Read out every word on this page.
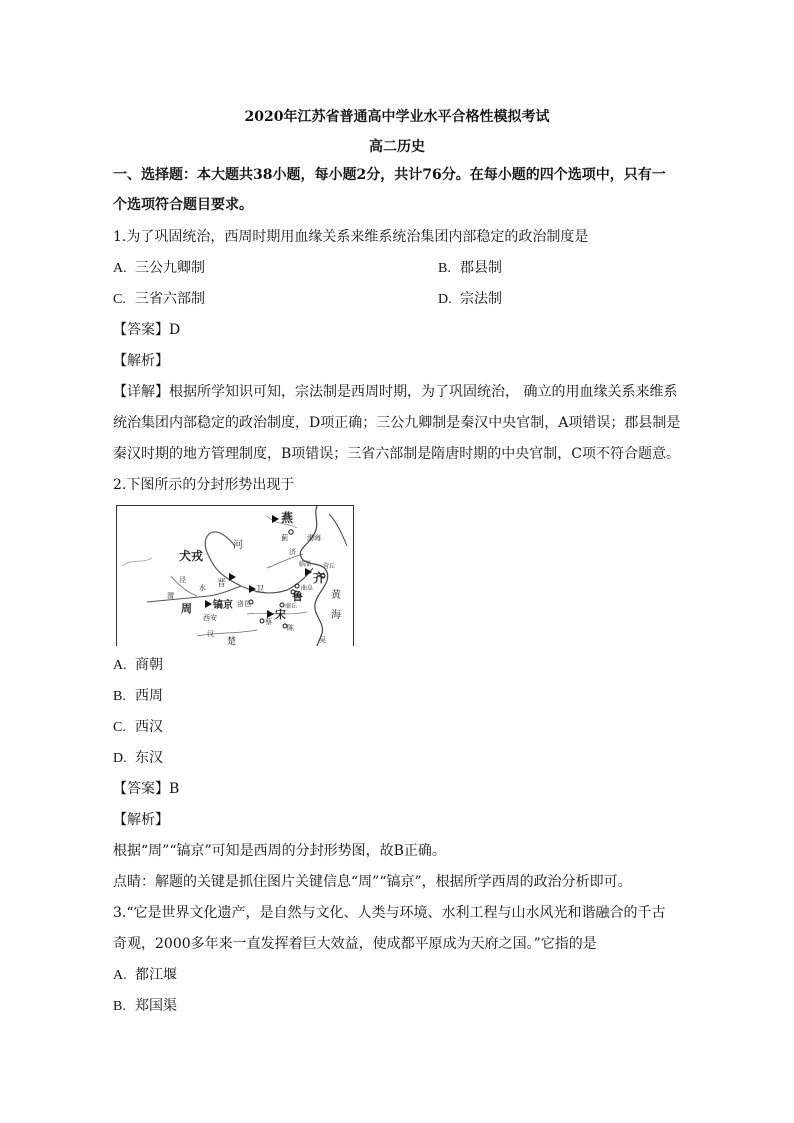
2020年江苏省普通高中学业水平合格性模拟考试
高二历史
一、选择题：本大题共38小题，每小题2分，共计76分。在每小题的四个选项中，只有一
个选项符合题目要求。
1.为了巩固统治，西周时期用血缘关系来维系统治集团内部稳定的政治制度是
A. 三公九卿制	B. 郡县制
C. 三省六部制	D. 宗法制
【答案】D
【解析】
【详解】根据所学知识可知，宗法制是西周时期，为了巩固统治， 确立的用血缘关系来维系
统治集团内部稳定的政治制度，D项正确；三公九卿制是秦汉中央官制，A项错误；郡县制是
秦汉时期的地方管理制度，B项错误；三省六部制是隋唐时期的中央官制，C项不符合题意。
2.下图所示的分封形势出现于
燕
蓟	渤海
犬戎
河
晋
卫
齐
鲁
宋
周 镐京
西安
洛邑
黄
海
楚	吴
泾
渭
水
济
临淄 营丘
曲阜
商丘
蔡
陈
汉
A. 商朝
B. 西周
C. 西汉
D. 东汉
【答案】B
【解析】
根据“周”“镐京”可知是西周的分封形势图，故B正确。
点睛：解题的关键是抓住图片关键信息“周”“镐京”，根据所学西周的政治分析即可。
3.“它是世界文化遗产，是自然与文化、人类与环境、水利工程与山水风光和谐融合的千古
奇观，2000多年来一直发挥着巨大效益，使成都平原成为天府之国。”它指的是
A. 都江堰
B. 郑国渠
